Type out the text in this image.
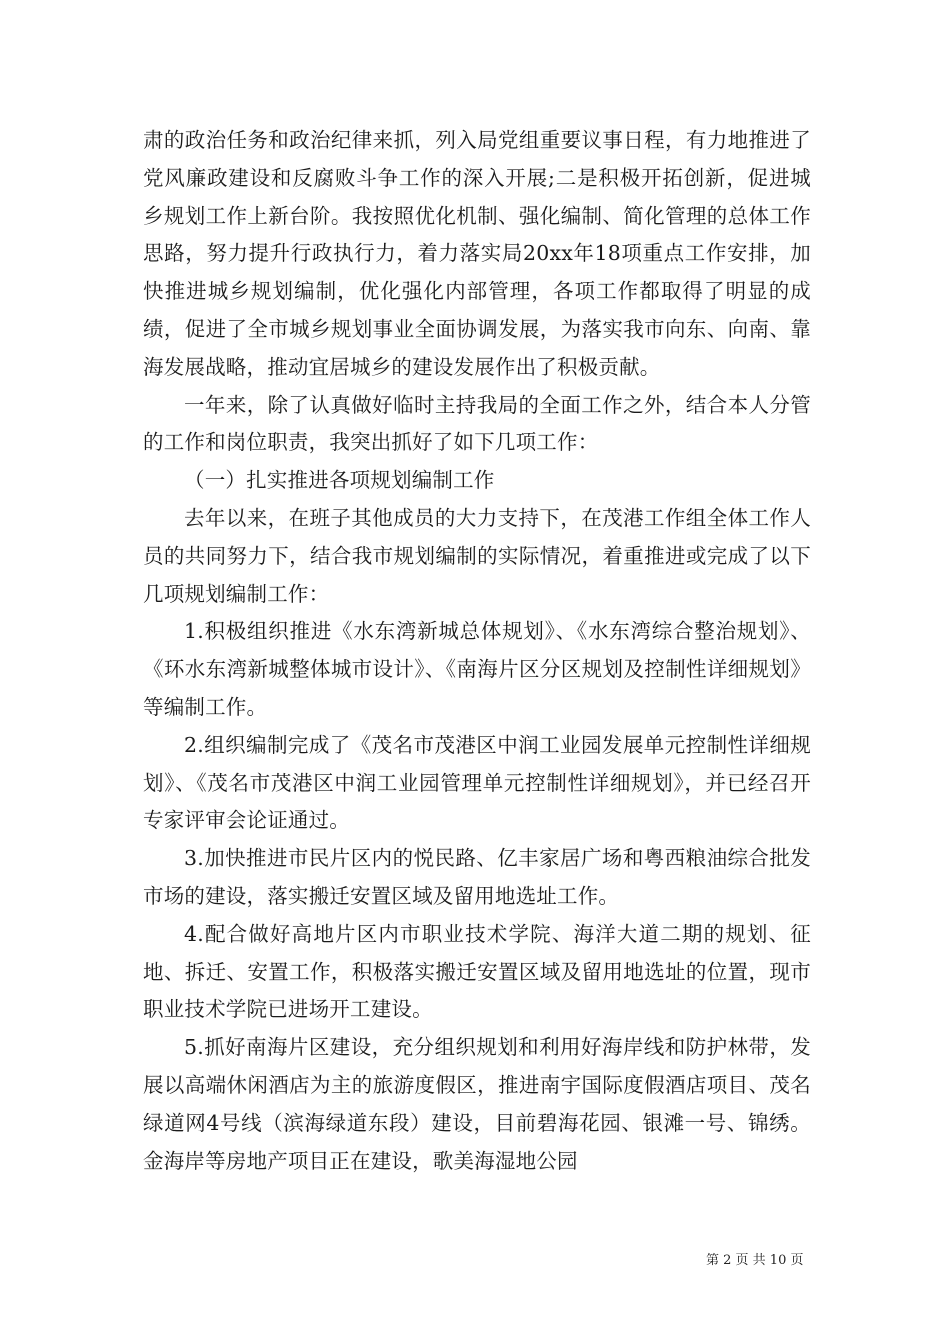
肃的政治任务和政治纪律来抓，列入局党组重要议事日程，有力地推进了党风廉政建设和反腐败斗争工作的深入开展;二是积极开拓创新，促进城乡规划工作上新台阶。我按照优化机制、强化编制、简化管理的总体工作思路，努力提升行政执行力，着力落实局20xx年18项重点工作安排，加快推进城乡规划编制，优化强化内部管理，各项工作都取得了明显的成绩，促进了全市城乡规划事业全面协调发展，为落实我市向东、向南、靠海发展战略，推动宜居城乡的建设发展作出了积极贡献。

一年来，除了认真做好临时主持我局的全面工作之外，结合本人分管的工作和岗位职责，我突出抓好了如下几项工作：

（一）扎实推进各项规划编制工作

去年以来，在班子其他成员的大力支持下，在茂港工作组全体工作人员的共同努力下，结合我市规划编制的实际情况，着重推进或完成了以下几项规划编制工作：

1.积极组织推进《水东湾新城总体规划》、《水东湾综合整治规划》、《环水东湾新城整体城市设计》、《南海片区分区规划及控制性详细规划》等编制工作。

2.组织编制完成了《茂名市茂港区中润工业园发展单元控制性详细规划》、《茂名市茂港区中润工业园管理单元控制性详细规划》，并已经召开专家评审会论证通过。

3.加快推进市民片区内的悦民路、亿丰家居广场和粤西粮油综合批发市场的建设，落实搬迁安置区域及留用地选址工作。

4.配合做好高地片区内市职业技术学院、海洋大道二期的规划、征地、拆迁、安置工作，积极落实搬迁安置区域及留用地选址的位置，现市职业技术学院已进场开工建设。

5.抓好南海片区建设，充分组织规划和利用好海岸线和防护林带，发展以高端休闲酒店为主的旅游度假区，推进南宇国际度假酒店项目、茂名绿道网4号线（滨海绿道东段）建设，目前碧海花园、银滩一号、锦绣。金海岸等房地产项目正在建设，歌美海湿地公园

第 2 页 共 10 页
